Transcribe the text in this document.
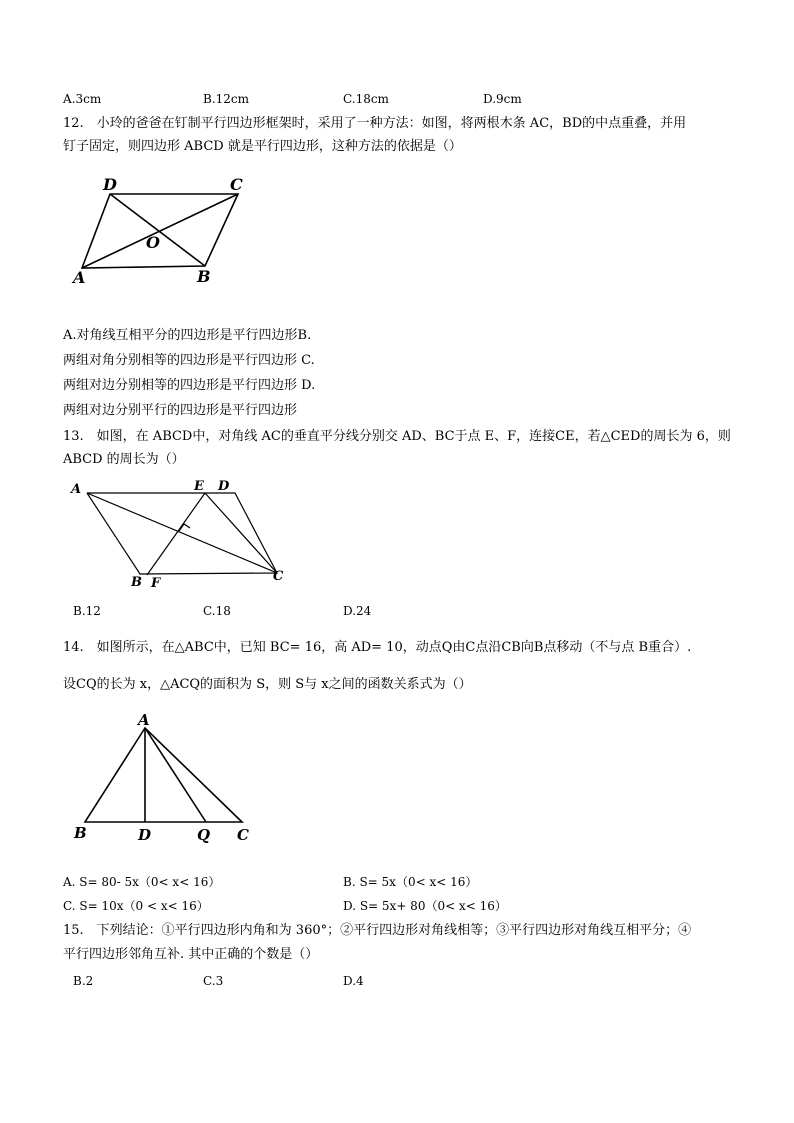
A.3cm	B.12cm	C.18cm	D.9cm
12.　小玲的爸爸在钉制平行四边形框架时，采用了一种方法：如图，将两根木条 AC，BD的中点重叠，并用
钉子固定，则四边形 ABCD 就是平行四边形，这种方法的依据是（）
D	C
O
A	B
A.对角线互相平分的四边形是平行四边形B.
两组对角分别相等的四边形是平行四边形 C.
两组对边分别相等的四边形是平行四边形 D.
两组对边分别平行的四边形是平行四边形
13.　如图，在 ABCD中，对角线 AC的垂直平分线分别交 AD、BC于点 E、F，连接CE，若△CED的周长为 6，则
ABCD 的周长为（）
A	E D
B F	C
B.12	C.18	D.24
14.　如图所示，在△ABC中，已知 BC= 16，高 AD= 10，动点Q由C点沿CB向B点移动（不与点 B重合）.
设CQ的长为 x，△ACQ的面积为 S，则 S与 x之间的函数关系式为（）
A
B	D	Q C
A. S= 80- 5x（0< x< 16）	B. S= 5x（0< x< 16）
C. S= 10x（0 < x< 16）	D. S= 5x+ 80（0< x< 16）
15.　下列结论：①平行四边形内角和为 360°；②平行四边形对角线相等；③平行四边形对角线互相平分；④
平行四边形邻角互补. 其中正确的个数是（）
B.2	C.3	D.4
